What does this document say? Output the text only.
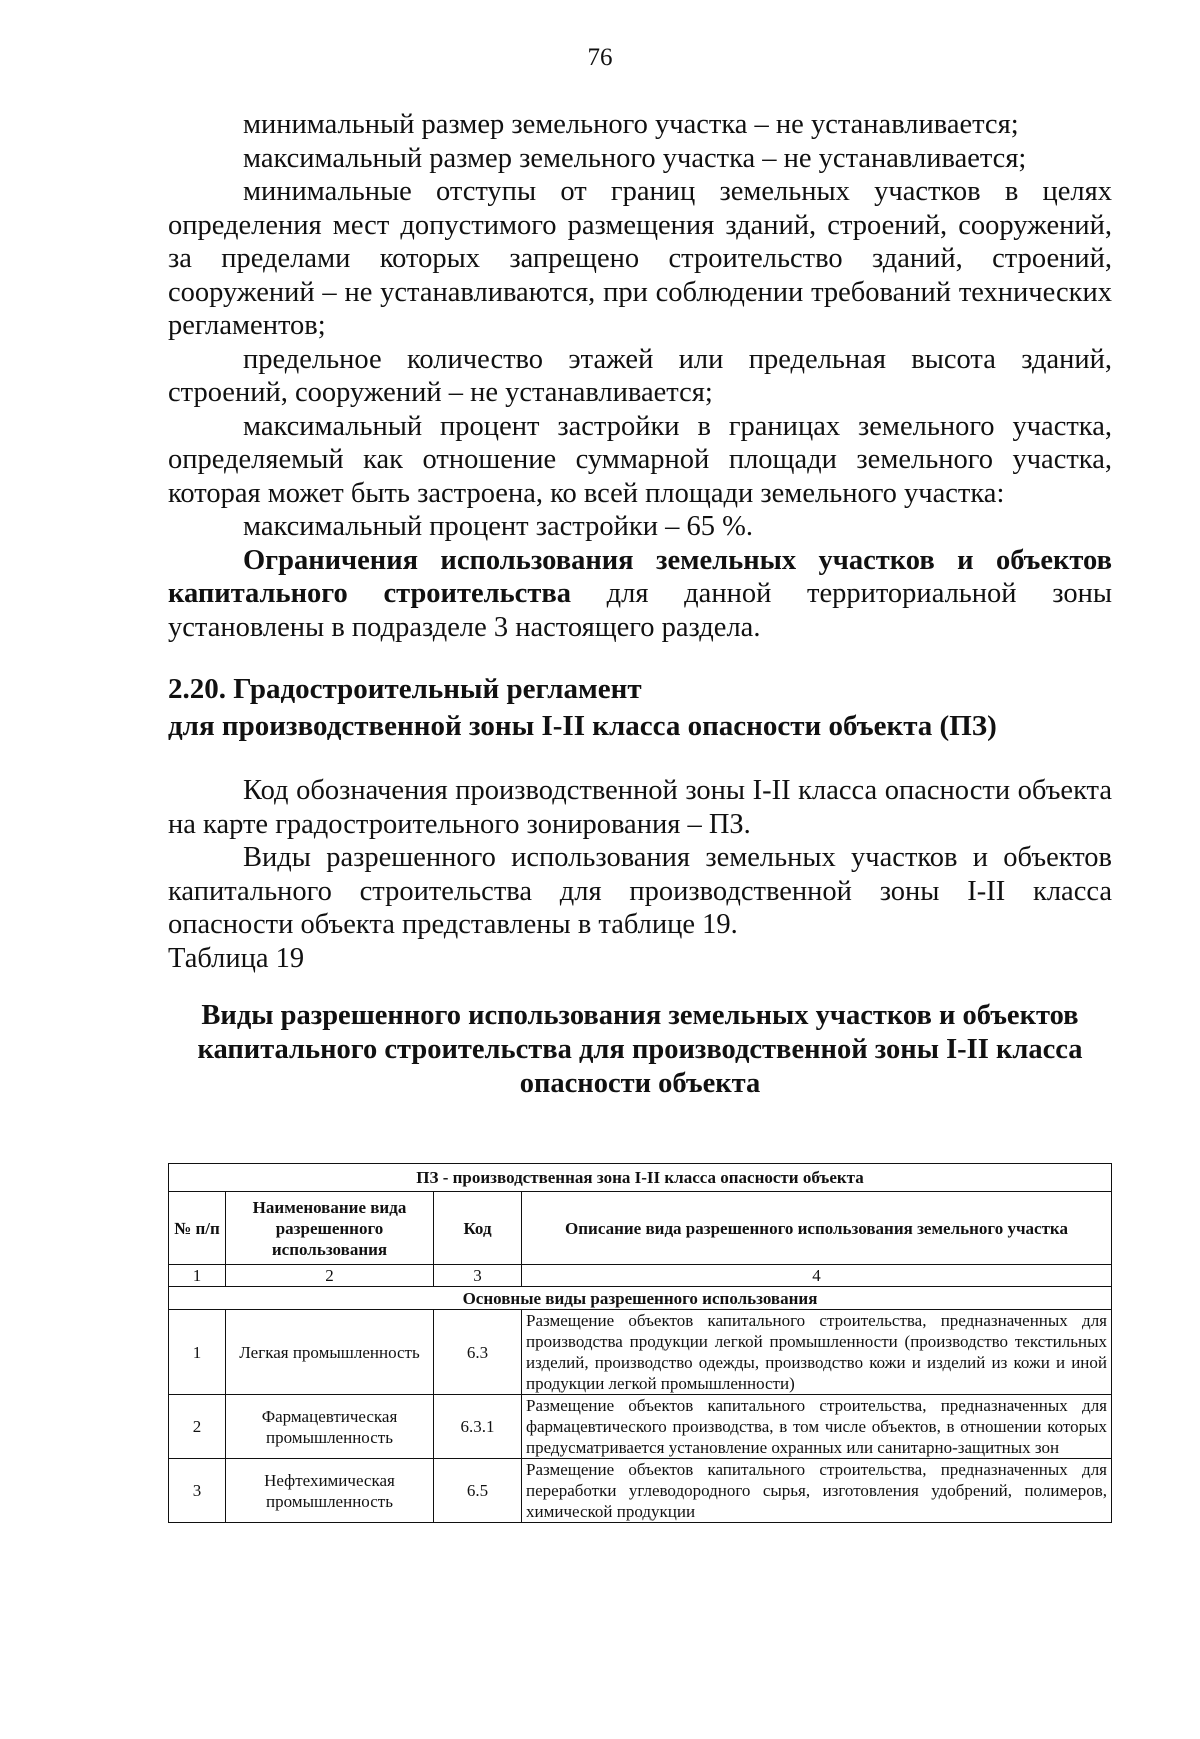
76

минимальный размер земельного участка – не устанавливается;

максимальный размер земельного участка – не устанавливается;

минимальные отступы от границ земельных участков в целях определения мест допустимого размещения зданий, строений, сооружений, за пределами которых запрещено строительство зданий, строений, сооружений – не устанавливаются, при соблюдении требований технических регламентов;

предельное количество этажей или предельная высота зданий, строений, сооружений – не устанавливается;

максимальный процент застройки в границах земельного участка, определяемый как отношение суммарной площади земельного участка, которая может быть застроена, ко всей площади земельного участка:

максимальный процент застройки – 65 %.

Ограничения использования земельных участков и объектов капитального строительства для данной территориальной зоны установлены в подразделе 3 настоящего раздела.

2.20. Градостроительный регламент

для производственной зоны I-II класса опасности объекта (ПЗ)

Код обозначения производственной зоны I-II класса опасности объекта на карте градостроительного зонирования – ПЗ.

Виды разрешенного использования земельных участков и объектов капитального строительства для производственной зоны I-II класса опасности объекта представлены в таблице 19.

Таблица 19

Виды разрешенного использования земельных участков и объектов
капитального строительства для производственной зоны I-II класса
опасности объекта
ПЗ - производственная зона I-II класса опасности объекта			
№ п/п	Наименование вида разрешенного использования	Код	Описание вида разрешенного использования земельного участка
1	2	3	4
Основные виды разрешенного использования			
1	Легкая промышленность	6.3	Размещение объектов капитального строительства, предназначенных для производства продукции легкой промышленности (производство текстильных изделий, производство одежды, производство кожи и изделий из кожи и иной продукции легкой промышленности)
2	Фармацевтическая промышленность	6.3.1	Размещение объектов капитального строительства, предназначенных для фармацевтического производства, в том числе объектов, в отношении которых предусматривается установление охранных или санитарно-защитных зон
3	Нефтехимическая промышленность	6.5	Размещение объектов капитального строительства, предназначенных для переработки углеводородного сырья, изготовления удобрений, полимеров, химической продукции
